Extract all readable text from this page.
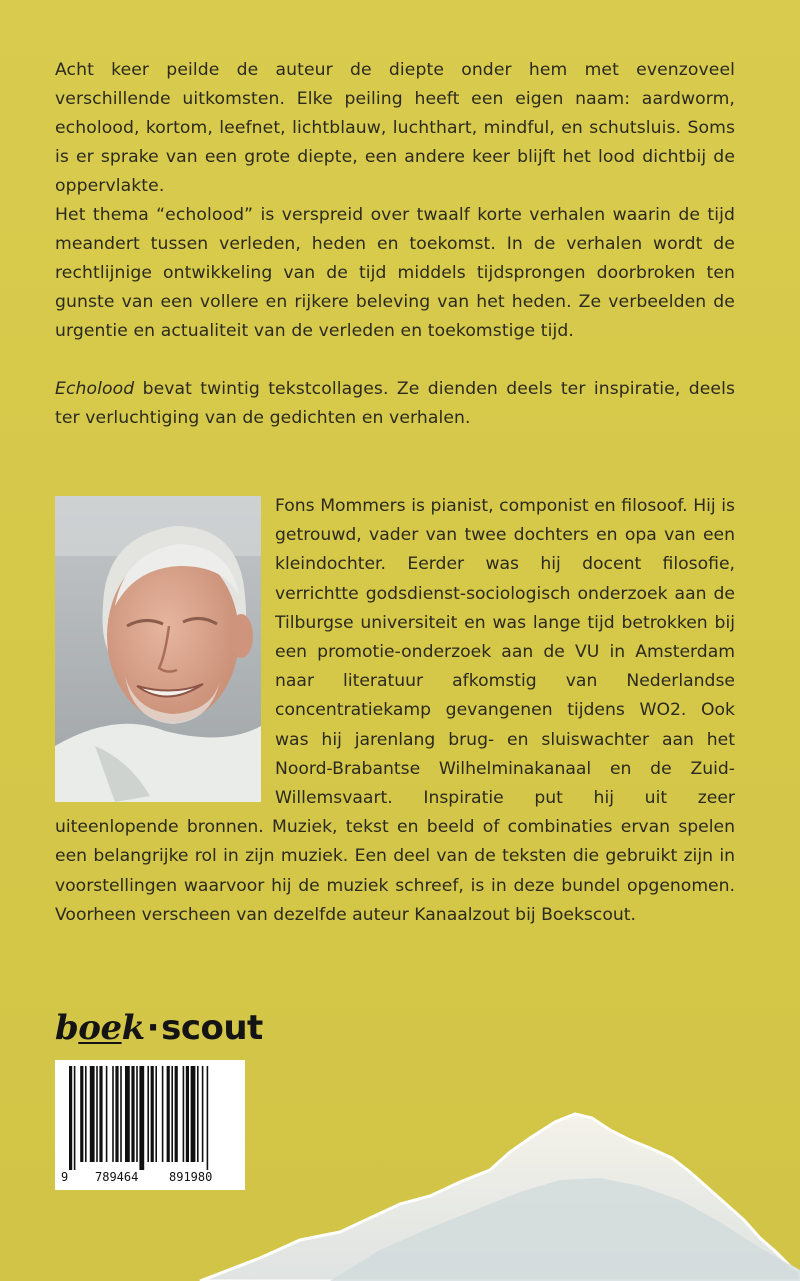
Acht keer peilde de auteur de diepte onder hem met evenzoveel verschillende uitkomsten. Elke peiling heeft een eigen naam: aardworm, echolood, kortom, leefnet, lichtblauw, luchthart, mindful, en schutsluis. Soms is er sprake van een grote diepte, een andere keer blijft het lood dichtbij de oppervlakte.

Het thema “echolood” is verspreid over twaalf korte verhalen waarin de tijd meandert tussen verleden, heden en toekomst. In de verhalen wordt de rechtlijnige ontwikkeling van de tijd middels tijdsprongen doorbroken ten gunste van een vollere en rijkere beleving van het heden. Ze verbeelden de urgentie en actualiteit van de verleden en toekomstige tijd.

Echolood bevat twintig tekstcollages. Ze dienden deels ter inspiratie, deels ter verluchtiging van de gedichten en verhalen.

Fons Mommers is pianist, componist en filosoof. Hij is getrouwd, vader van twee dochters en opa van een kleindochter. Eerder was hij docent filosofie, verrichtte godsdienst-sociologisch onderzoek aan de Tilburgse universiteit en was lange tijd betrokken bij een promotie-onderzoek aan de VU in Amsterdam naar literatuur afkomstig van Nederlandse concentratiekamp gevangenen tijdens WO2. Ook was hij jarenlang brug- en sluiswachter aan het Noord-Brabantse Wilhelminakanaal en de Zuid-Willemsvaart. Inspiratie put hij uit zeer uiteenlopende bronnen. Muziek, tekst en beeld of combinaties ervan spelen een belangrijke rol in zijn muziek. Een deel van de teksten die gebruikt zijn in voorstellingen waarvoor hij de muziek schreef, is in deze bundel opgenomen. Voorheen verscheen van dezelfde auteur Kanaalzout bij Boekscout.

boek·scout
9 789464	891980
